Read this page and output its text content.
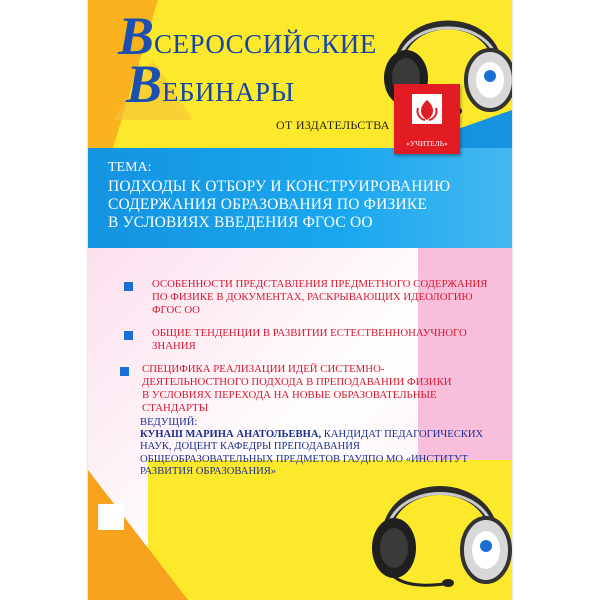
В СЕРОССИЙСКИЕ
В ЕБИНАРЫ
ОТ ИЗДАТЕЛЬСТВА
«УЧИТЕЛЬ»
ТЕМА:
ПОДХОДЫ К ОТБОРУ И КОНСТРУИРОВАНИЮ
СОДЕРЖАНИЯ ОБРАЗОВАНИЯ ПО ФИЗИКЕ
В УСЛОВИЯХ ВВЕДЕНИЯ ФГОС ОО
ОСОБЕННОСТИ ПРЕДСТАВЛЕНИЯ ПРЕДМЕТНОГО СОДЕРЖАНИЯ
ПО ФИЗИКЕ В ДОКУМЕНТАХ, РАСКРЫВАЮЩИХ ИДЕОЛОГИЮ
ФГОС ОО
ОБЩИЕ ТЕНДЕНЦИИ В РАЗВИТИИ ЕСТЕСТВЕННОНАУЧНОГО
ЗНАНИЯ
СПЕЦИФИКА РЕАЛИЗАЦИИ ИДЕЙ СИСТЕМНО-
ДЕЯТЕЛЬНОСТНОГО ПОДХОДА В ПРЕПОДАВАНИИ ФИЗИКИ
В УСЛОВИЯХ ПЕРЕХОДА НА НОВЫЕ ОБРАЗОВАТЕЛЬНЫЕ
СТАНДАРТЫ
ВЕДУЩИЙ:
КУНАШ МАРИНА АНАТОЛЬЕВНА, КАНДИДАТ ПЕДАГОГИЧЕСКИХ
НАУК, ДОЦЕНТ КАФЕДРЫ ПРЕПОДАВАНИЯ
ОБЩЕОБРАЗОВАТЕЛЬНЫХ ПРЕДМЕТОВ ГАУДПО МО «ИНСТИТУТ
РАЗВИТИЯ ОБРАЗОВАНИЯ»
